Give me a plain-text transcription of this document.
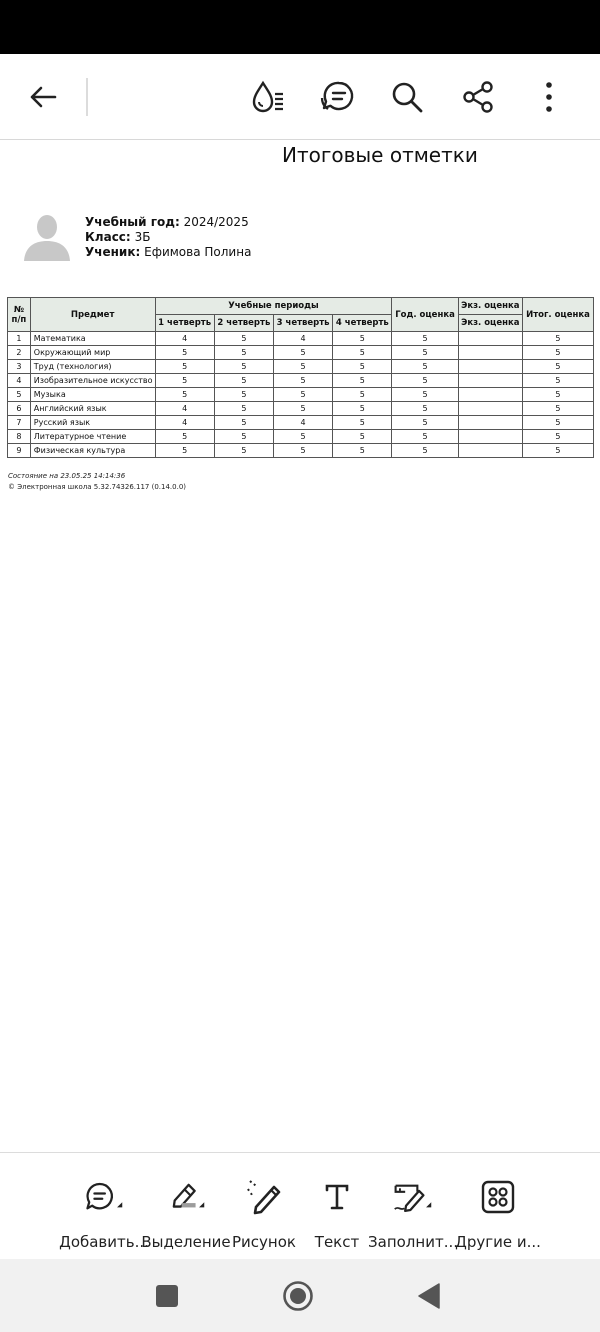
Итоговые отметки
Учебный год: 2024/2025
Класс: 3Б
Ученик: Ефимова Полина
№ п/п	Предмет	Учебные периоды				Год. оценка	Экз. оценка	Итог. оценка
		1 четверть	2 четверть	3 четверть	4 четверть		Экз. оценка	
1	Математика	4	5	4	5	5		5
2	Окружающий мир	5	5	5	5	5		5
3	Труд (технология)	5	5	5	5	5		5
4	Изобразительное искусство	5	5	5	5	5		5
5	Музыка	5	5	5	5	5		5
6	Английский язык	4	5	5	5	5		5
7	Русский язык	4	5	4	5	5		5
8	Литературное чтение	5	5	5	5	5		5
9	Физическая культура	5	5	5	5	5		5
Состояние на 23.05.25 14:14:36
© Электронная школа 5.32.74326.117 (0.14.0.0)
Добавить...
Выделение Рисунок Текст Заполнит...
Другие и...
